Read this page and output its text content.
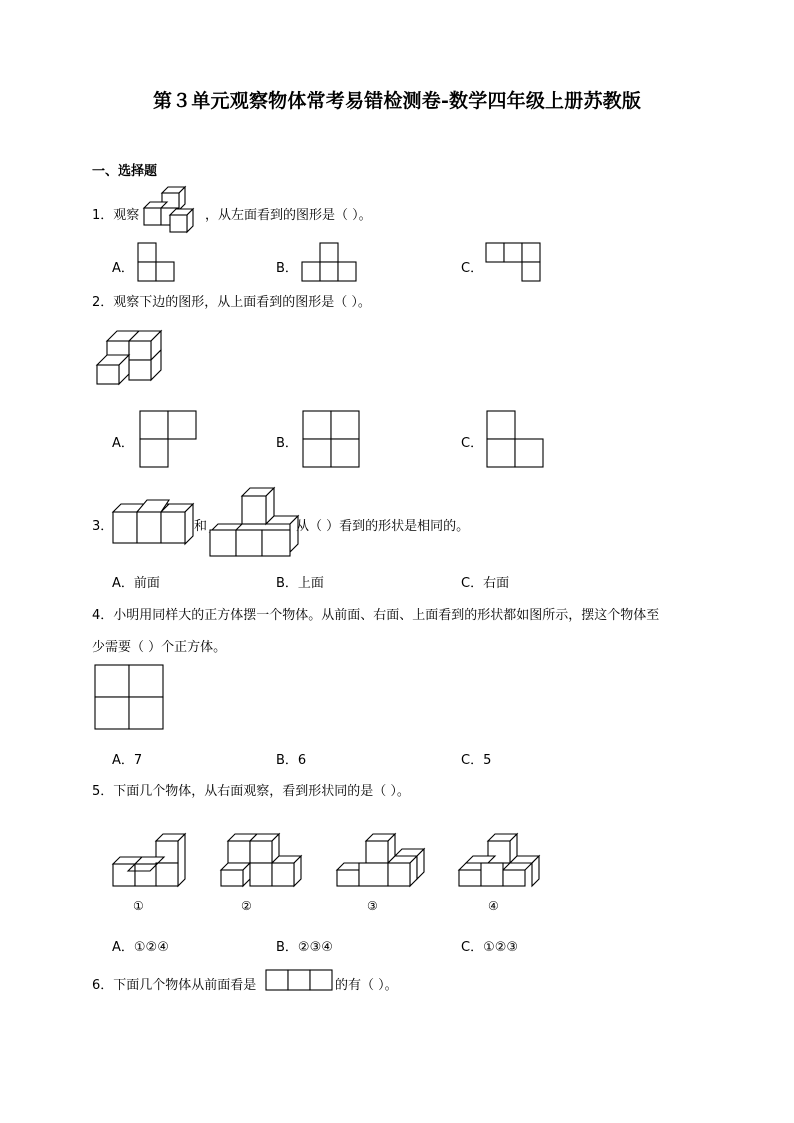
第３单元观察物体常考易错检测卷-数学四年级上册苏教版
一、选择题
1．观察	，从左面看到的图形是（ ）。
A．	B．	C．
2．观察下边的图形，从上面看到的图形是（ ）。
A．	B．	C．
3．	和	从（ ）看到的形状是相同的。
A．前面	B．上面	C．右面
4．小明用同样大的正方体摆一个物体。从前面、右面、上面看到的形状都如图所示，摆这个物体至
少需要（ ）个正方体。
A．7	B．6	C．5
5．下面几个物体，从右面观察，看到形状同的是（ ）。
①	②	③	④
A．①②④	B．②③④	C．①②③
6．下面几个物体从前面看是	的有（ ）。
